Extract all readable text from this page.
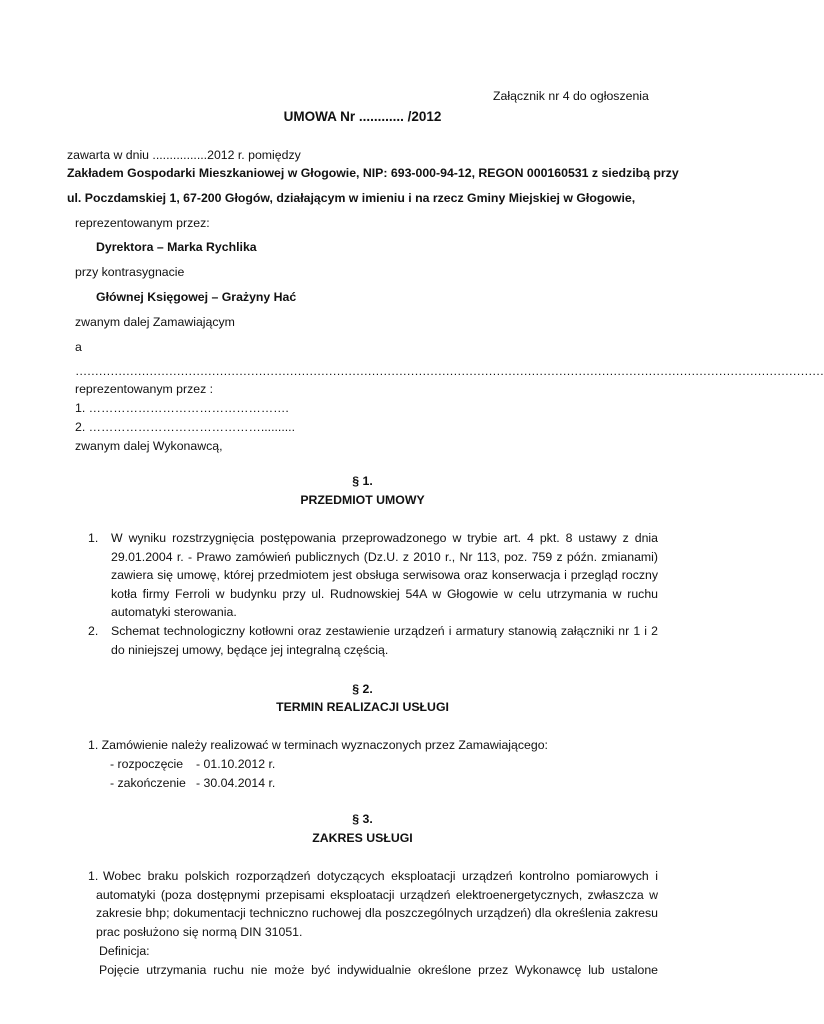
Załącznik nr 4 do ogłoszenia
UMOWA Nr ............ /2012
zawarta w dniu ................2012 r. pomiędzy
Zakładem Gospodarki Mieszkaniowej w Głogowie, NIP: 693-000-94-12, REGON 000160531 z siedzibą przy
ul. Poczdamskiej 1, 67-200 Głogów, działającym w imieniu i na rzecz Gminy Miejskiej w Głogowie,
reprezentowanym przez:
Dyrektora – Marka Rychlika
przy kontrasygnacie
Głównej Księgowej – Grażyny Hać
zwanym dalej Zamawiającym
a
…………………………………………………………………………………………………………………………………………………………………………
reprezentowanym przez :
1. ………………………………………….
2. ……………………………………..........
zwanym dalej Wykonawcą,
§ 1.
PRZEDMIOT UMOWY
1. W wyniku rozstrzygnięcia postępowania przeprowadzonego w trybie art. 4 pkt. 8 ustawy z dnia 29.01.2004 r. - Prawo zamówień publicznych (Dz.U. z 2010 r., Nr 113, poz. 759 z późn. zmianami) zawiera się umowę, której przedmiotem jest obsługa serwisowa oraz konserwacja i przegląd roczny kotła firmy Ferroli w budynku przy ul. Rudnowskiej 54A w Głogowie w celu utrzymania w ruchu automatyki sterowania.
2. Schemat technologiczny kotłowni oraz zestawienie urządzeń i armatury stanowią załączniki nr 1 i 2 do niniejszej umowy, będące jej integralną częścią.
§ 2.
TERMIN REALIZACJI USŁUGI
1. Zamówienie należy realizować w terminach wyznaczonych przez Zamawiającego:
- rozpoczęcie - 01.10.2012 r.
- zakończenie - 30.04.2014 r.
§ 3.
ZAKRES USŁUGI
1. Wobec braku polskich rozporządzeń dotyczących eksploatacji urządzeń kontrolno pomiarowych i automatyki (poza dostępnymi przepisami eksploatacji urządzeń elektroenergetycznych, zwłaszcza w zakresie bhp; dokumentacji techniczno ruchowej dla poszczególnych urządzeń) dla określenia zakresu prac posłużono się normą DIN 31051.
Definicja:
Pojęcie utrzymania ruchu nie może być indywidualnie określone przez Wykonawcę lub ustalone
